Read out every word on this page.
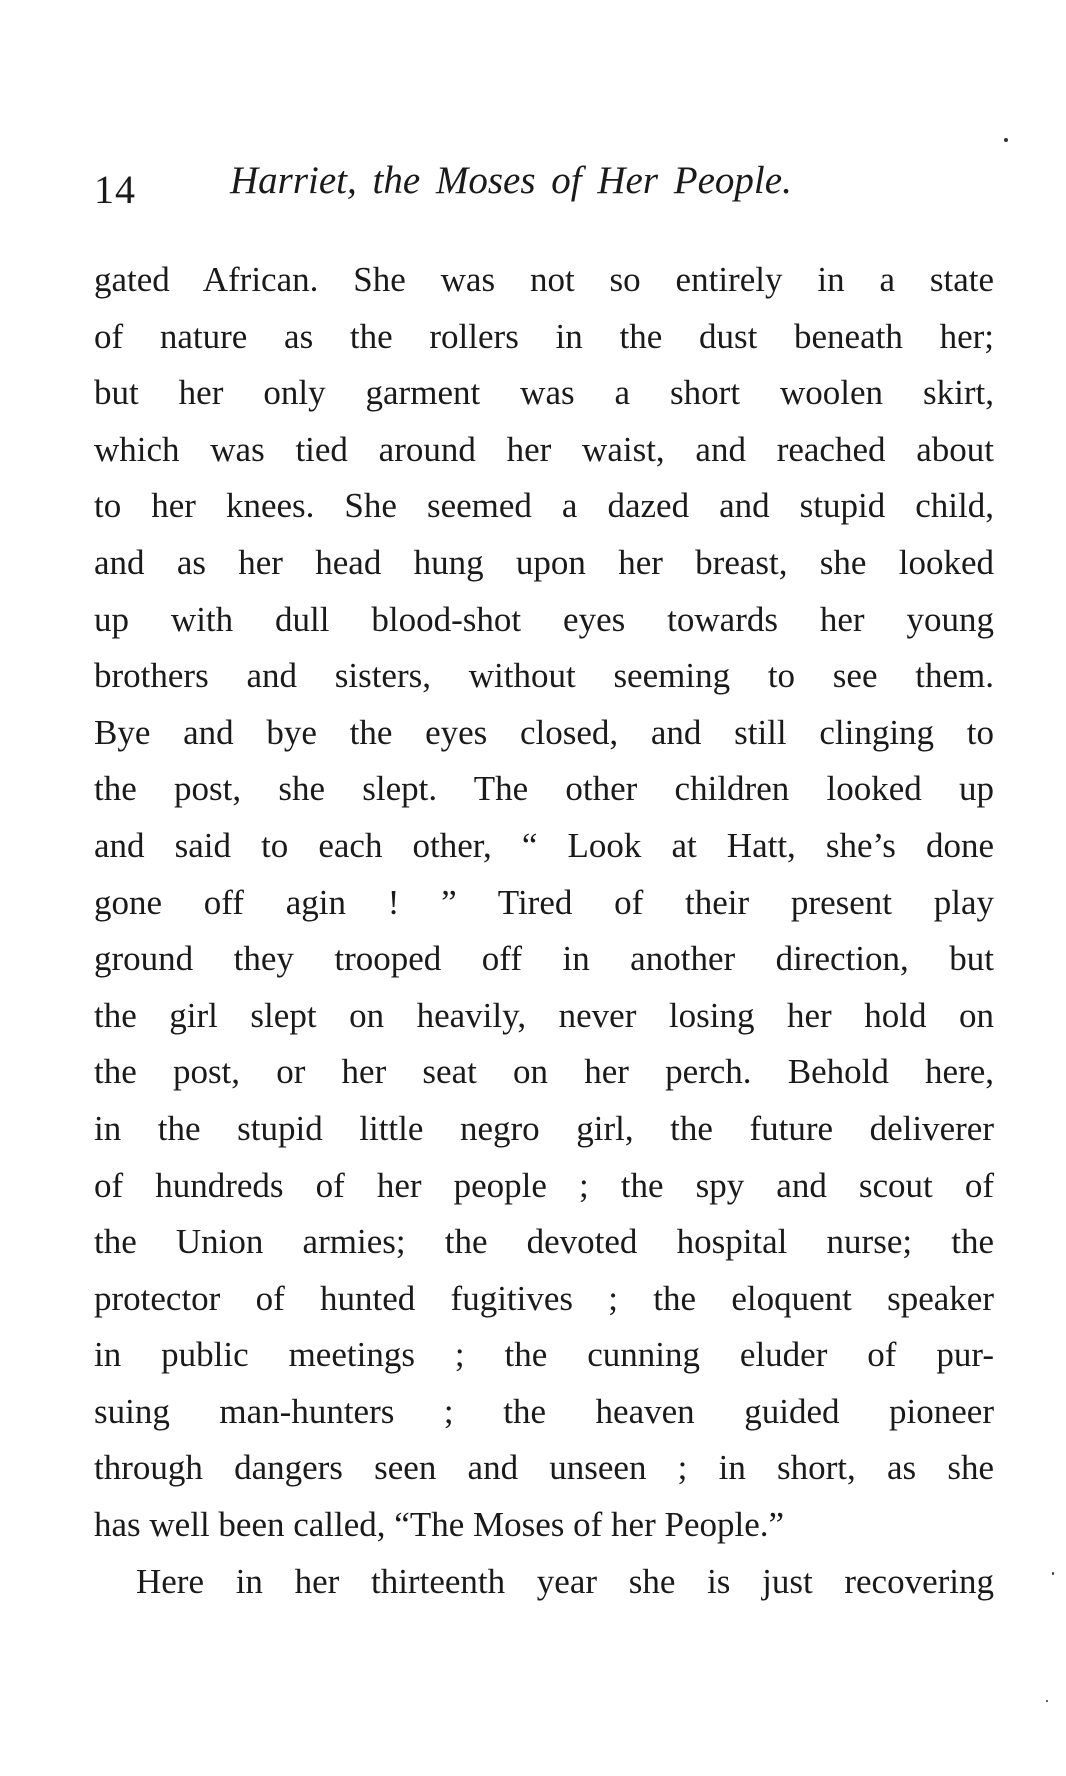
14 Harriet, the Moses of Her People.
gated African. She was not so entirely in a state
of nature as the rollers in the dust beneath her;
but her only garment was a short woolen skirt,
which was tied around her waist, and reached about
to her knees. She seemed a dazed and stupid child,
and as her head hung upon her breast, she looked
up with dull blood-shot eyes towards her young
brothers and sisters, without seeming to see them.
Bye and bye the eyes closed, and still clinging to
the post, she slept. The other children looked up
and said to each other, “ Look at Hatt, she’s done
gone off agin ! ” Tired of their present play
ground they trooped off in another direction, but
the girl slept on heavily, never losing her hold on
the post, or her seat on her perch. Behold here,
in the stupid little negro girl, the future deliverer
of hundreds of her people ; the spy and scout of
the Union armies; the devoted hospital nurse; the
protector of hunted fugitives ; the eloquent speaker
in public meetings ; the cunning eluder of pur-
suing man-hunters ; the heaven guided pioneer
through dangers seen and unseen ; in short, as she
has well been called, “The Moses of her People.”
Here in her thirteenth year she is just recovering
